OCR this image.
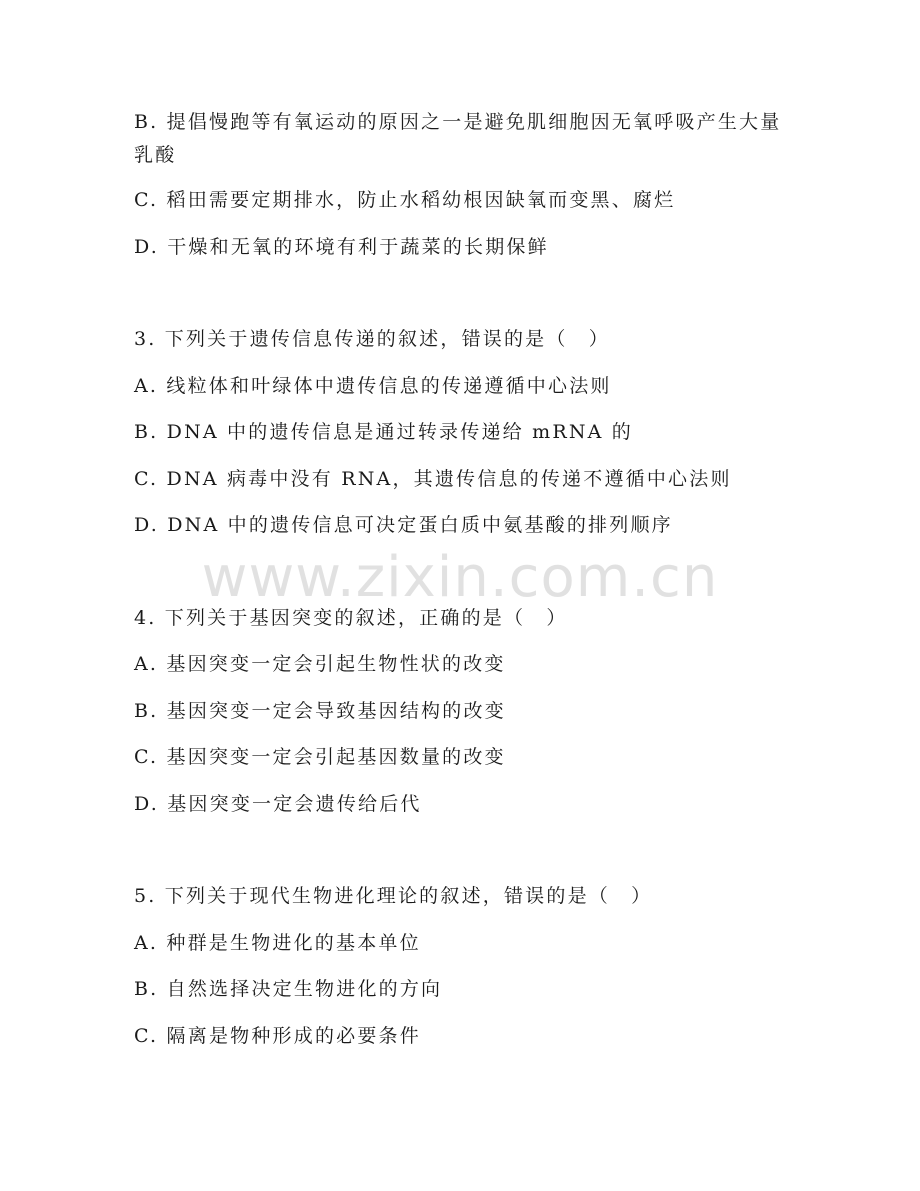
B. 提倡慢跑等有氧运动的原因之一是避免肌细胞因无氧呼吸产生大量乳酸
C. 稻田需要定期排水，防止水稻幼根因缺氧而变黑、腐烂
D. 干燥和无氧的环境有利于蔬菜的长期保鲜
3. 下列关于遗传信息传递的叙述，错误的是（　）
A. 线粒体和叶绿体中遗传信息的传递遵循中心法则
B. DNA 中的遗传信息是通过转录传递给 mRNA 的
C. DNA 病毒中没有 RNA，其遗传信息的传递不遵循中心法则
D. DNA 中的遗传信息可决定蛋白质中氨基酸的排列顺序
www.zixin.com.cn
4. 下列关于基因突变的叙述，正确的是（　）
A. 基因突变一定会引起生物性状的改变
B. 基因突变一定会导致基因结构的改变
C. 基因突变一定会引起基因数量的改变
D. 基因突变一定会遗传给后代
5. 下列关于现代生物进化理论的叙述，错误的是（　）
A. 种群是生物进化的基本单位
B. 自然选择决定生物进化的方向
C. 隔离是物种形成的必要条件
